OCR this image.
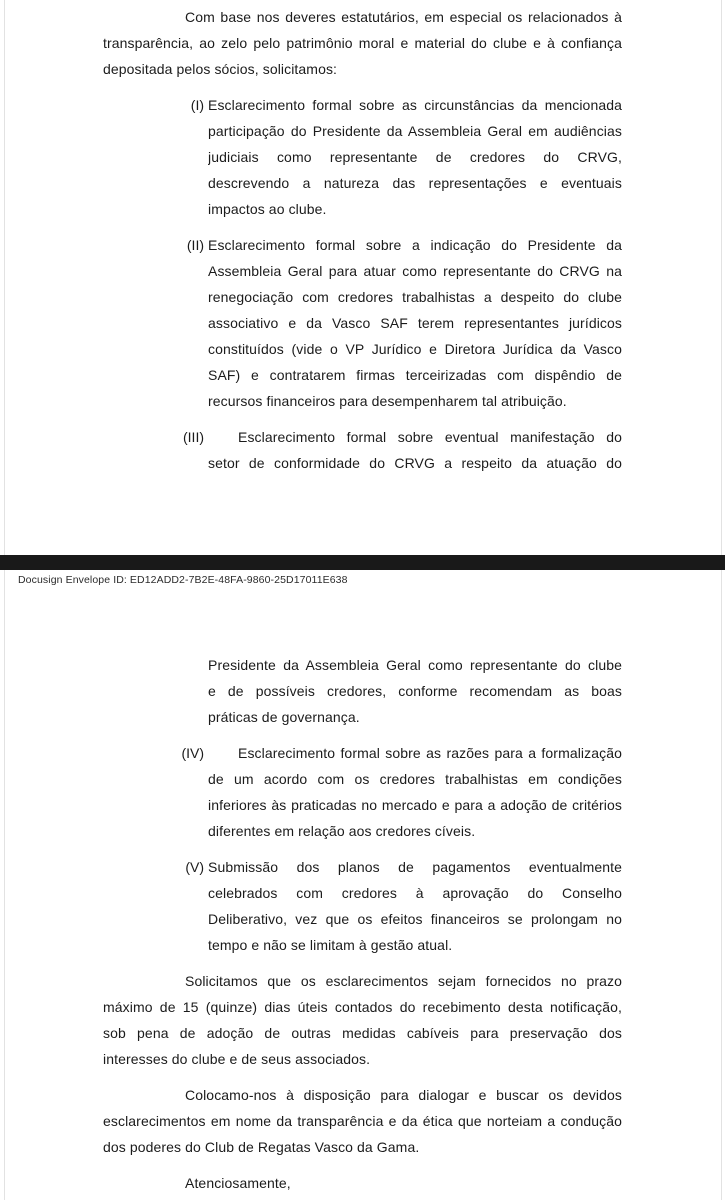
Com base nos deveres estatutários, em especial os relacionados à
transparência, ao zelo pelo patrimônio moral e material do clube e à confiança
depositada pelos sócios, solicitamos:
(I) Esclarecimento formal sobre as circunstâncias da mencionada
participação do Presidente da Assembleia Geral em audiências
judiciais como representante de credores do CRVG,
descrevendo a natureza das representações e eventuais
impactos ao clube.
(II) Esclarecimento formal sobre a indicação do Presidente da
Assembleia Geral para atuar como representante do CRVG na
renegociação com credores trabalhistas a despeito do clube
associativo e da Vasco SAF terem representantes jurídicos
constituídos (vide o VP Jurídico e Diretora Jurídica da Vasco
SAF) e contratarem firmas terceirizadas com dispêndio de
recursos financeiros para desempenharem tal atribuição.
(III)	Esclarecimento formal sobre eventual manifestação do
setor de conformidade do CRVG a respeito da atuação do
Docusign Envelope ID: ED12ADD2-7B2E-48FA-9860-25D17011E638
Presidente da Assembleia Geral como representante do clube
e de possíveis credores, conforme recomendam as boas
práticas de governança.
(IV)	Esclarecimento formal sobre as razões para a formalização
de um acordo com os credores trabalhistas em condições
inferiores às praticadas no mercado e para a adoção de critérios
diferentes em relação aos credores cíveis.
(V) Submissão dos planos de pagamentos eventualmente
celebrados com credores à aprovação do Conselho
Deliberativo, vez que os efeitos financeiros se prolongam no
tempo e não se limitam à gestão atual.
Solicitamos que os esclarecimentos sejam fornecidos no prazo
máximo de 15 (quinze) dias úteis contados do recebimento desta notificação,
sob pena de adoção de outras medidas cabíveis para preservação dos
interesses do clube e de seus associados.
Colocamo-nos à disposição para dialogar e buscar os devidos
esclarecimentos em nome da transparência e da ética que norteiam a condução
dos poderes do Club de Regatas Vasco da Gama.
Atenciosamente,
